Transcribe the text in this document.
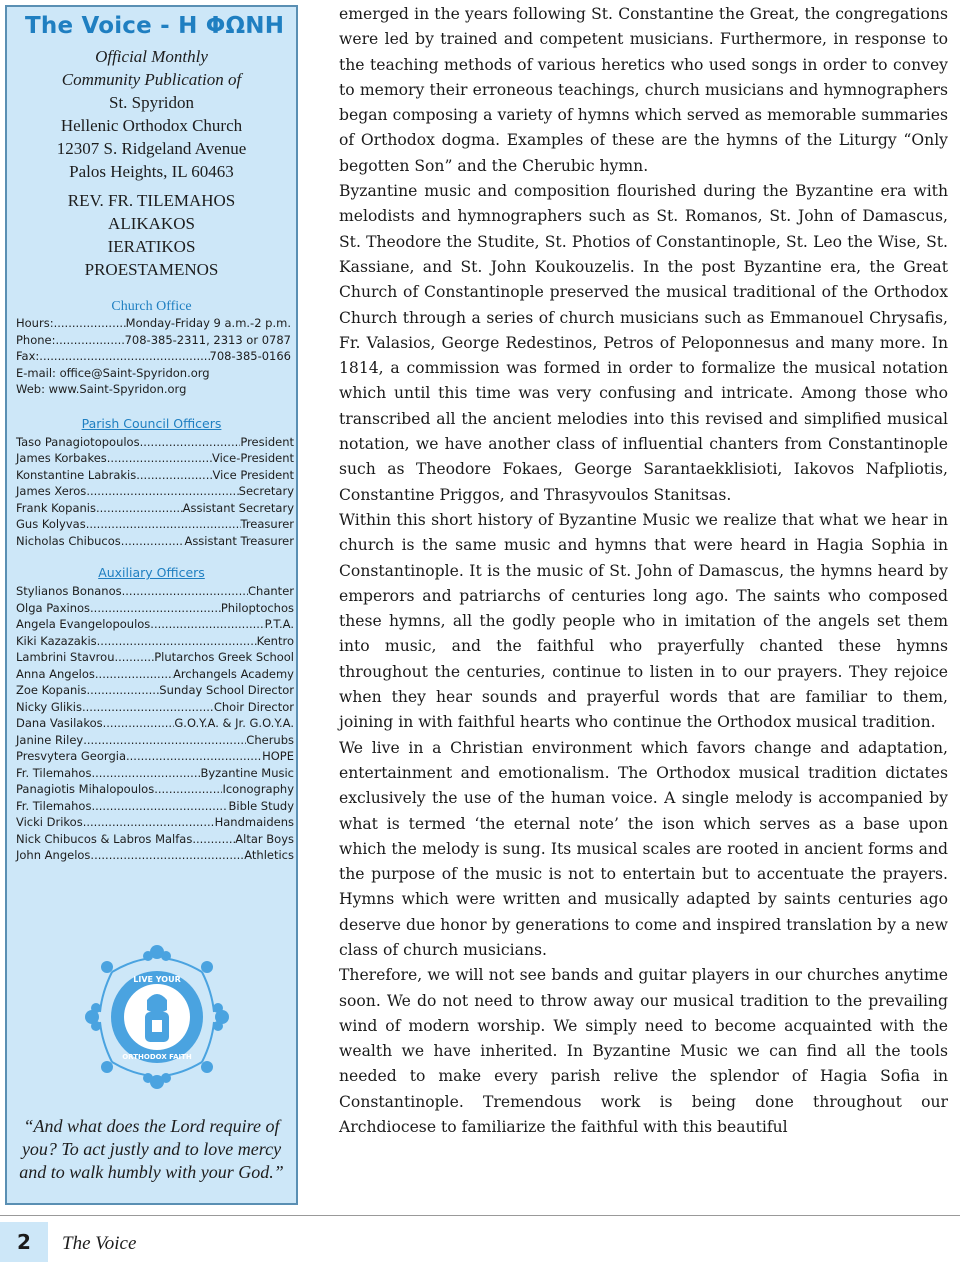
The Voice - Η ΦΩΝΗ
Official Monthly
Community Publication of
St. Spyridon
Hellenic Orthodox Church
12307 S. Ridgeland Avenue
Palos Heights, IL 60463
REV. FR. TILEMAHOS
ALIKAKOS
IERATIKOS
PROESTAMENOS
Church Office
Hours: .....	Monday-Friday 9 a.m.-2 p.m.
Phone: .....	708-385-2311, 2313 or 0787
Fax: .....	708-385-0166
E-mail: office@Saint-Spyridon.org
Web: www.Saint-Spyridon.org
Parish Council Officers
Taso Panagiotopoulos .....	President
James Korbakes .....	Vice-President
Konstantine Labrakis .....	Vice President
James Xeros .....	Secretary
Frank Kopanis .....	Assistant Secretary
Gus Kolyvas .....	Treasurer
Nicholas Chibucos .....	Assistant Treasurer
Auxiliary Officers
Stylianos Bonanos .....	Chanter
Olga Paxinos .....	Philoptochos
Angela Evangelopoulos .....	P.T.A.
Kiki Kazazakis .....	Kentro
Lambrini Stavrou .....	Plutarchos Greek School
Anna Angelos .....	Archangels Academy
Zoe Kopanis .....	Sunday School Director
Nicky Glikis .....	Choir Director
Dana Vasilakos .....	G.O.Y.A. & Jr. G.O.Y.A.
Janine Riley .....	Cherubs
Presvytera Georgia .....	HOPE
Fr. Tilemahos .....	Byzantine Music
Panagiotis Mihalopoulos .....	Iconography
Fr. Tilemahos .....	Bible Study
Vicki Drikos .....	Handmaidens
Nick Chibucos & Labros Malfas .....	Altar Boys
John Angelos .....	Athletics
LIVE YOUR
ORTHODOX FAITH
“And what does the Lord require of you? To act justly and to love mercy and to walk humbly with your God.”

emerged in the years following St. Constantine the Great, the congregations were led by trained and competent musicians. Furthermore, in response to the teaching methods of various heretics who used songs in order to convey to memory their erroneous teachings, church musicians and hymnographers began composing a variety of hymns which served as memorable summaries of Orthodox dogma. Examples of these are the hymns of the Liturgy “Only begotten Son” and the Cherubic hymn.

Byzantine music and composition flourished during the Byzantine era with melodists and hymnographers such as St. Romanos, St. John of Damascus, St. Theodore the Studite, St. Photios of Constantinople, St. Leo the Wise, St. Kassiane, and St. John Koukouzelis. In the post Byzantine era, the Great Church of Constantinople preserved the musical traditional of the Orthodox Church through a series of church musicians such as Emmanouel Chrysafis, Fr. Valasios, George Redestinos, Petros of Peloponnesus and many more. In 1814, a commission was formed in order to formalize the musical notation which until this time was very confusing and intricate. Among those who transcribed all the ancient melodies into this revised and simplified musical notation, we have another class of influential chanters from Constantinople such as Theodore Fokaes, George Sarantaekklisioti, Iakovos Nafpliotis, Constantine Priggos, and Thrasyvoulos Stanitsas.

Within this short history of Byzantine Music we realize that what we hear in church is the same music and hymns that were heard in Hagia Sophia in Constantinople. It is the music of St. John of Damascus, the hymns heard by emperors and patriarchs of centuries long ago. The saints who composed these hymns, all the godly people who in imitation of the angels set them into music, and the faithful who prayerfully chanted these hymns throughout the centuries, continue to listen in to our prayers. They rejoice when they hear sounds and prayerful words that are familiar to them, joining in with faithful hearts who continue the Orthodox musical tradition.

We live in a Christian environment which favors change and adaptation, entertainment and emotionalism. The Orthodox musical tradition dictates exclusively the use of the human voice. A single melody is accompanied by what is termed ‘the eternal note’ the ison which serves as a base upon which the melody is sung. Its musical scales are rooted in ancient forms and the purpose of the music is not to entertain but to accentuate the prayers. Hymns which were written and musically adapted by saints centuries ago deserve due honor by generations to come and inspired translation by a new class of church musicians.

Therefore, we will not see bands and guitar players in our churches anytime soon. We do not need to throw away our musical tradition to the prevailing wind of modern worship. We simply need to become acquainted with the wealth we have inherited. In Byzantine Music we can find all the tools needed to make every parish relive the splendor of Hagia Sofia in Constantinople. Tremendous work is being done throughout our Archdiocese to familiarize the faithful with this beautiful

2	The Voice
